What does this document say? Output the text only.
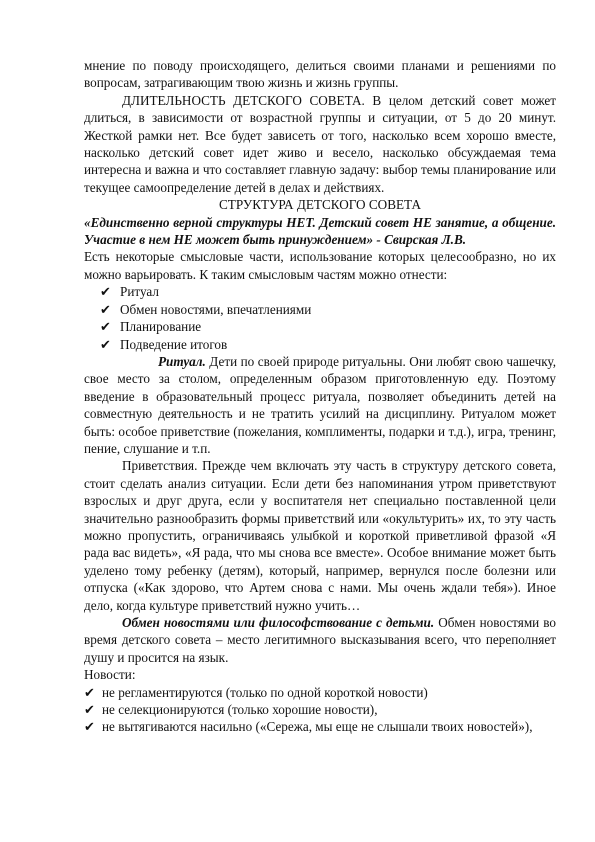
мнение по поводу происходящего, делиться своими планами и решениями по вопросам, затрагивающим твою жизнь и жизнь группы.

ДЛИТЕЛЬНОСТЬ ДЕТСКОГО СОВЕТА. В целом детский совет может длиться, в зависимости от возрастной группы и ситуации, от 5 до 20 минут. Жесткой рамки нет. Все будет зависеть от того, насколько всем хорошо вместе, насколько детский совет идет живо и весело, насколько обсуждаемая тема интересна и важна и что составляет главную задачу: выбор темы планирование или текущее самоопределение детей в делах и действиях.

СТРУКТУРА ДЕТСКОГО СОВЕТА

«Единственно верной структуры НЕТ. Детский совет НЕ занятие, а общение. Участие в нем НЕ может быть принуждением» - Свирская Л.В.

Есть некоторые смысловые части, использование которых целесообразно, но их можно варьировать. К таким смысловым частям можно отнести:

✔ Ритуал
✔ Обмен новостями, впечатлениями
✔ Планирование
✔ Подведение итогов

Ритуал. Дети по своей природе ритуальны. Они любят свою чашечку, свое место за столом, определенным образом приготовленную еду. Поэтому введение в образовательный процесс ритуала, позволяет объединить детей на совместную деятельность и не тратить усилий на дисциплину. Ритуалом может быть: особое приветствие (пожелания, комплименты, подарки и т.д.), игра, тренинг, пение, слушание и т.п.

Приветствия. Прежде чем включать эту часть в структуру детского совета, стоит сделать анализ ситуации. Если дети без напоминания утром приветствуют взрослых и друг друга, если у воспитателя нет специально поставленной цели значительно разнообразить формы приветствий или «окультурить» их, то эту часть можно пропустить, ограничиваясь улыбкой и короткой приветливой фразой «Я рада вас видеть», «Я рада, что мы снова все вместе». Особое внимание может быть уделено тому ребенку (детям), который, например, вернулся после болезни или отпуска («Как здорово, что Артем снова с нами. Мы очень ждали тебя»). Иное дело, когда культуре приветствий нужно учить…

Обмен новостями или философствование с детьми. Обмен новостями во время детского совета – место легитимного высказывания всего, что переполняет душу и просится на язык.

Новости:

✔ не регламентируются (только по одной короткой новости)
✔ не селекционируются (только хорошие новости),
✔ не вытягиваются насильно («Сережа, мы еще не слышали твоих новостей»),
